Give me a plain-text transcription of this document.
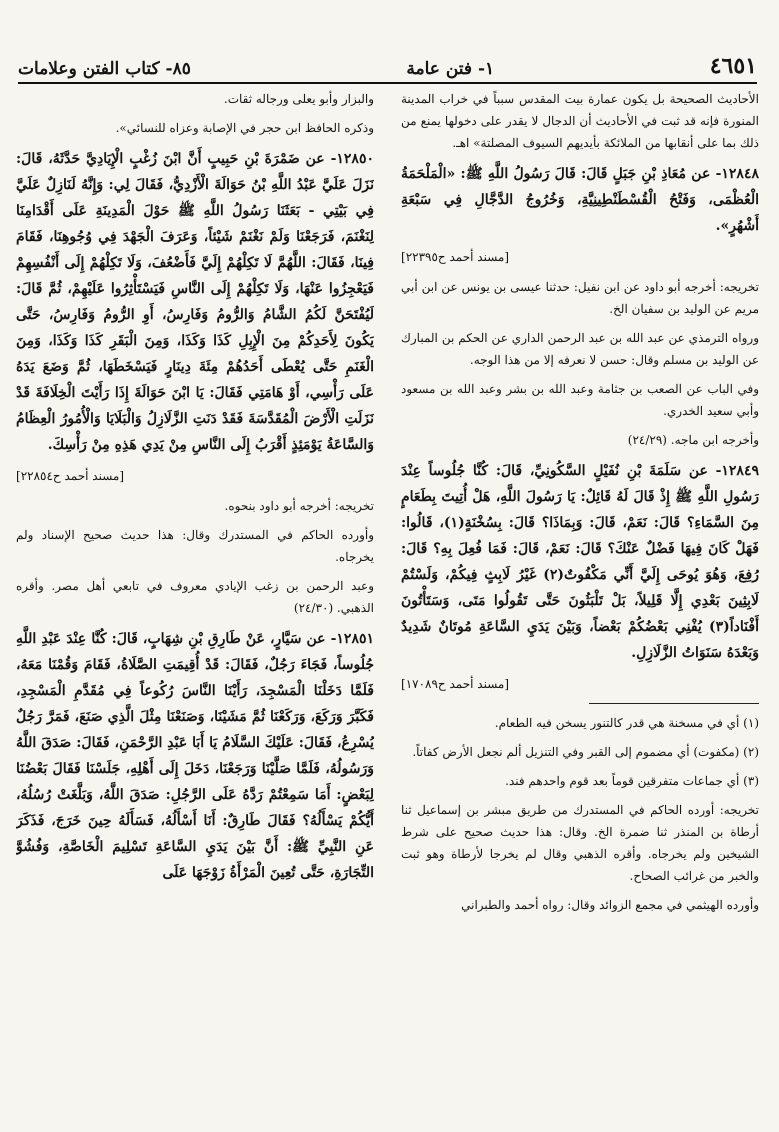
٨٥- كتاب الفتن وعلامات	١- فتن عامة	٤٦٥١

الأحاديث الصحيحة بل يكون عمارة بيت المقدس سبباً في خراب المدينة المنورة فإنه قد ثبت في الأحاديث أن الدجال لا يقدر على دخولها يمنع من ذلك بما على أنقابها من الملائكة بأيديهم السيوف المصلتة» اهـ.

١٢٨٤٨- عن مُعَاذِ بْنِ جَبَلٍ قَالَ: قَالَ رَسُولُ اللَّهِ ﷺ: «الْمَلْحَمَةُ الْعُظْمَى، وَفَتْحُ الْقُسْطَنْطِينِيَّةِ، وَخُرُوجُ الدَّجَّالِ فِي سَبْعَةِ أَشْهُرٍ».

[مسند أحمد ح٢٢٣٩٥]

تخريجه: أخرجه أبو داود عن ابن نفيل: حدثنا عيسى بن يونس عن ابن أبي مريم عن الوليد بن سفيان الخ.

ورواه الترمذي عن عبد الله بن عبد الرحمن الداري عن الحكم بن المبارك عن الوليد بن مسلم وقال: حسن لا نعرفه إلا من هذا الوجه.

وفي الباب عن الصعب بن جثامة وعبد الله بن بشر وعبد الله بن مسعود وأبي سعيد الخدري.

وأخرجه ابن ماجه. (٢٤/٢٩)

١٢٨٤٩- عن سَلَمَةَ بْنِ نُفَيْلٍ السَّكُونِيِّ، قَالَ: كُنَّا جُلُوساً عِنْدَ رَسُولِ اللَّهِ ﷺ إِذْ قَالَ لَهُ قَائِلٌ: يَا رَسُولَ اللَّهِ، هَلْ أُتِيتَ بِطَعَامٍ مِنَ السَّمَاءِ؟ قَالَ: نَعَمْ، قَالَ: وَبِمَاذَا؟ قَالَ: بِسُخْنَةٍ(١)، قَالُوا: فَهَلْ كَانَ فِيهَا فَضْلٌ عَنْكَ؟ قَالَ: نَعَمْ، قَالَ: فَمَا فُعِلَ بِهِ؟ قَالَ: رُفِعَ، وَهُوَ يُوحَى إِلَيَّ أَنِّي مَكْفُوتٌ(٢) غَيْرُ لَابِثٍ فِيكُمْ، وَلَسْتُمْ لَابِثِينَ بَعْدِي إِلَّا قَلِيلاً، بَلْ تَلْبَثُونَ حَتَّى تَقُولُوا مَتَى، وَسَتَأْتُونَ أَفْنَاداً(٣) يُفْنِي بَعْضُكُمْ بَعْضاً، وَبَيْنَ يَدَيِ السَّاعَةِ مُوتَانٌ شَدِيدٌ وَبَعْدَهُ سَنَوَاتُ الزَّلَازِلِ.

[مسند أحمد ح١٧٠٨٩]

(١) أي في مسخنة هي قدر كالتنور يسخن فيه الطعام.

(٢) (مكفوت) أي مضموم إلى القبر وفي التنزيل ألم نجعل الأرض كفاتاً.

(٣) أي جماعات متفرقين قوماً بعد قوم واحدهم فند.

تخريجه: أورده الحاكم في المستدرك من طريق مبشر بن إسماعيل ثنا أرطاة بن المنذر ثنا ضمرة الخ. وقال: هذا حديث صحيح على شرط الشيخين ولم يخرجاه. وأقره الذهبي وقال لم يخرجا لأرطاة وهو ثبت والخبر من غرائب الصحاح.

وأورده الهيثمي في مجمع الزوائد وقال: رواه أحمد والطبراني

والبزار وأبو يعلى ورجاله ثقات.

وذكره الحافظ ابن حجر في الإصابة وعزاه للنسائي».

١٢٨٥٠- عن ضَمْرَةَ بْنِ حَبِيبٍ أَنَّ ابْنَ زُغْبٍ الْإِيَادِيَّ حَدَّثَهُ، قَالَ: نَزَلَ عَلَيَّ عَبْدُ اللَّهِ بْنُ حَوَالَةَ الْأَزْدِيُّ، فَقَالَ لِي: وَإِنَّهُ لَنَازِلٌ عَلَيَّ فِي بَيْتِي - بَعَثَنَا رَسُولُ اللَّهِ ﷺ حَوْلَ الْمَدِينَةِ عَلَى أَقْدَامِنَا لِنَغْنَمَ، فَرَجَعْنَا وَلَمْ نَغْنَمْ شَيْئاً، وَعَرَفَ الْجَهْدَ فِي وُجُوهِنَا، فَقَامَ فِينَا، فَقَالَ: اللَّهُمَّ لَا تَكِلْهُمْ إِلَيَّ فَأَضْعُفَ، وَلَا تَكِلْهُمْ إِلَى أَنْفُسِهِمْ فَيَعْجِزُوا عَنْهَا، وَلَا تَكِلْهُمْ إِلَى النَّاسِ فَيَسْتَأْثِرُوا عَلَيْهِمْ، ثُمَّ قَالَ: لَيُفْتَحَنَّ لَكُمُ الشَّامُ وَالرُّومُ وَفَارِسُ، أَوِ الرُّومُ وَفَارِسُ، حَتَّى يَكُونَ لِأَحَدِكُمْ مِنَ الْإِبِلِ كَذَا وَكَذَا، وَمِنَ الْبَقَرِ كَذَا وَكَذَا، وَمِنَ الْغَنَمِ حَتَّى يُعْطَى أَحَدُهُمْ مِئَةَ دِينَارٍ فَيَسْخَطَهَا، ثُمَّ وَضَعَ يَدَهُ عَلَى رَأْسِي، أَوْ هَامَتِي فَقَالَ: يَا ابْنَ حَوَالَةَ إِذَا رَأَيْتَ الْخِلَافَةَ قَدْ نَزَلَتِ الْأَرْضَ الْمُقَدَّسَةَ فَقَدْ دَنَتِ الزَّلَازِلُ وَالْبَلَايَا وَالْأُمُورُ الْعِظَامُ وَالسَّاعَةُ يَوْمَئِذٍ أَقْرَبُ إِلَى النَّاسِ مِنْ يَدِي هَذِهِ مِنْ رَأْسِكَ.

[مسند أحمد ح٢٢٨٥٤]

تخريجه: أخرجه أبو داود بنحوه.

وأورده الحاكم في المستدرك وقال: هذا حديث صحيح الإسناد ولم يخرجاه.

وعبد الرحمن بن زغب الإيادي معروف في تابعي أهل مصر. وأقره الذهبي. (٢٤/٣٠)

١٢٨٥١- عن سَيَّارٍ، عَنْ طَارِقِ بْنِ شِهَابٍ، قَالَ: كُنَّا عِنْدَ عَبْدِ اللَّهِ جُلُوساً، فَجَاءَ رَجُلٌ، فَقَالَ: قَدْ أُقِيمَتِ الصَّلَاةُ، فَقَامَ وَقُمْنَا مَعَهُ، فَلَمَّا دَخَلْنَا الْمَسْجِدَ، رَأَيْنَا النَّاسَ رُكُوعاً فِي مُقَدَّمِ الْمَسْجِدِ، فَكَبَّرَ وَرَكَعَ، وَرَكَعْنَا ثُمَّ مَشَيْنَا، وَصَنَعْنَا مِثْلَ الَّذِي صَنَعَ، فَمَرَّ رَجُلٌ يُسْرِعُ، فَقَالَ: عَلَيْكَ السَّلَامُ يَا أَبَا عَبْدِ الرَّحْمَنِ، فَقَالَ: صَدَقَ اللَّهُ وَرَسُولُهُ، فَلَمَّا صَلَّيْنَا وَرَجَعْنَا، دَخَلَ إِلَى أَهْلِهِ، جَلَسْنَا فَقَالَ بَعْضُنَا لِبَعْضٍ: أَمَا سَمِعْتُمْ رَدَّهُ عَلَى الرَّجُلِ: صَدَقَ اللَّهُ، وَبَلَّغَتْ رُسُلُهُ، أَيُّكُمْ يَسْأَلُهُ؟ فَقَالَ طَارِقٌ: أَنَا أَسْأَلُهُ، فَسَأَلَهُ حِينَ خَرَجَ، فَذَكَرَ عَنِ النَّبِيِّ ﷺ: أَنَّ بَيْنَ يَدَيِ السَّاعَةِ تَسْلِيمَ الْخَاصَّةِ، وَفُشُوَّ التِّجَارَةِ، حَتَّى تُعِينَ الْمَرْأَةُ زَوْجَهَا عَلَى
